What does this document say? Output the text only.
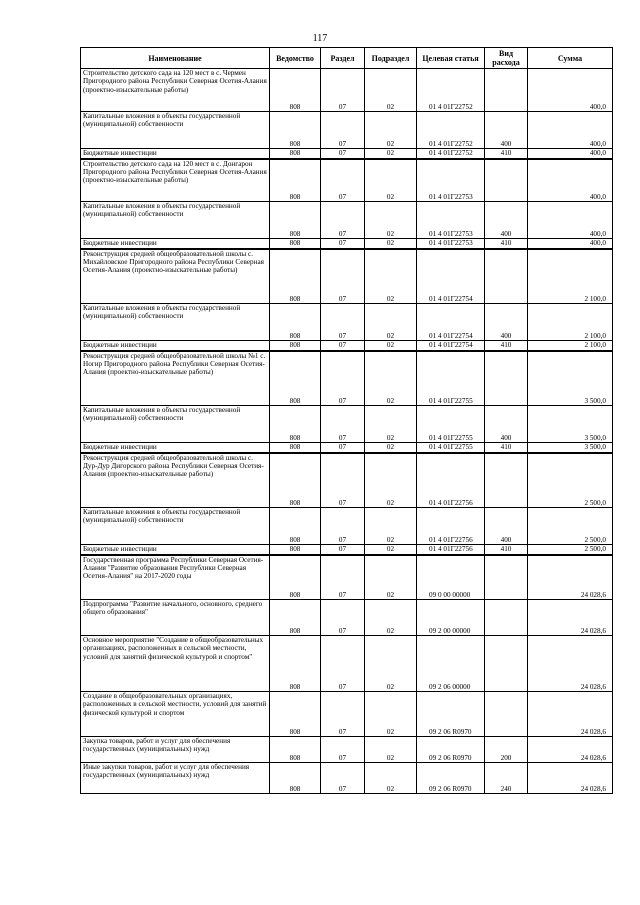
117
Наименование	Ведомство	Раздел	Подраздел	Целевая статья	Вид расхода	Сумма
Строительство детского сада на 120 мест в с. Чермен Пригородного района Республики Северная Осетия-Алания (проектно-изыскательные работы)	808	07	02	01 4 01Г22752		400,0
Капитальные вложения в объекты государственной (муниципальной) собственности	808	07	02	01 4 01Г22752	400	400,0
Бюджетные инвестиции	808	07	02	01 4 01Г22752	410	400,0
Строительство детского сада на 120 мест в с. Донгарон Пригородного района Республики Северная Осетия-Алания (проектно-изыскательные работы)	808	07	02	01 4 01Г22753		400,0
Капитальные вложения в объекты государственной (муниципальной) собственности	808	07	02	01 4 01Г22753	400	400,0
Бюджетные инвестиции	808	07	02	01 4 01Г22753	410	400,0
Реконструкция средней общеобразовательной школы с. Михайловское Пригородного района Республики Северная Осетия-Алания (проектно-изыскательные работы)	808	07	02	01 4 01Г22754		2 100,0
Капитальные вложения в объекты государственной (муниципальной) собственности	808	07	02	01 4 01Г22754	400	2 100,0
Бюджетные инвестиции	808	07	02	01 4 01Г22754	410	2 100,0
Реконструкция средней общеобразовательной школы №1 с. Ногир Пригородного района Республики Северная Осетия-Алания (проектно-изыскательные работы)	808	07	02	01 4 01Г22755		3 500,0
Капитальные вложения в объекты государственной (муниципальной) собственности	808	07	02	01 4 01Г22755	400	3 500,0
Бюджетные инвестиции	808	07	02	01 4 01Г22755	410	3 500,0
Реконструкция средней общеобразовательной школы с. Дур-Дур Дигорского района Республики Северная Осетия-Алания (проектно-изыскательные работы)	808	07	02	01 4 01Г22756		2 500,0
Капитальные вложения в объекты государственной (муниципальной) собственности	808	07	02	01 4 01Г22756	400	2 500,0
Бюджетные инвестиции	808	07	02	01 4 01Г22756	410	2 500,0
Государственная программа Республики Северная Осетия-Алания "Развитие образования Республики Северная Осетия-Алания" на 2017-2020 годы	808	07	02	09 0 00 00000		24 028,6
Подпрограмма "Развитие начального, основного, среднего общего образования"	808	07	02	09 2 00 00000		24 028,6
Основное мероприятие "Создание в общеобразовательных организациях, расположенных в сельской местности, условий для занятий физической культурой и спортом"	808	07	02	09 2 06 00000		24 028,6
Создание в общеобразовательных организациях, расположенных в сельской местности, условий для занятий физической культурой и спортом	808	07	02	09 2 06 R0970		24 028,6
Закупка товаров, работ и услуг для обеспечения государственных (муниципальных) нужд	808	07	02	09 2 06 R0970	200	24 028,6
Иные закупки товаров, работ и услуг для обеспечения государственных (муниципальных) нужд	808	07	02	09 2 06 R0970	240	24 028,6
